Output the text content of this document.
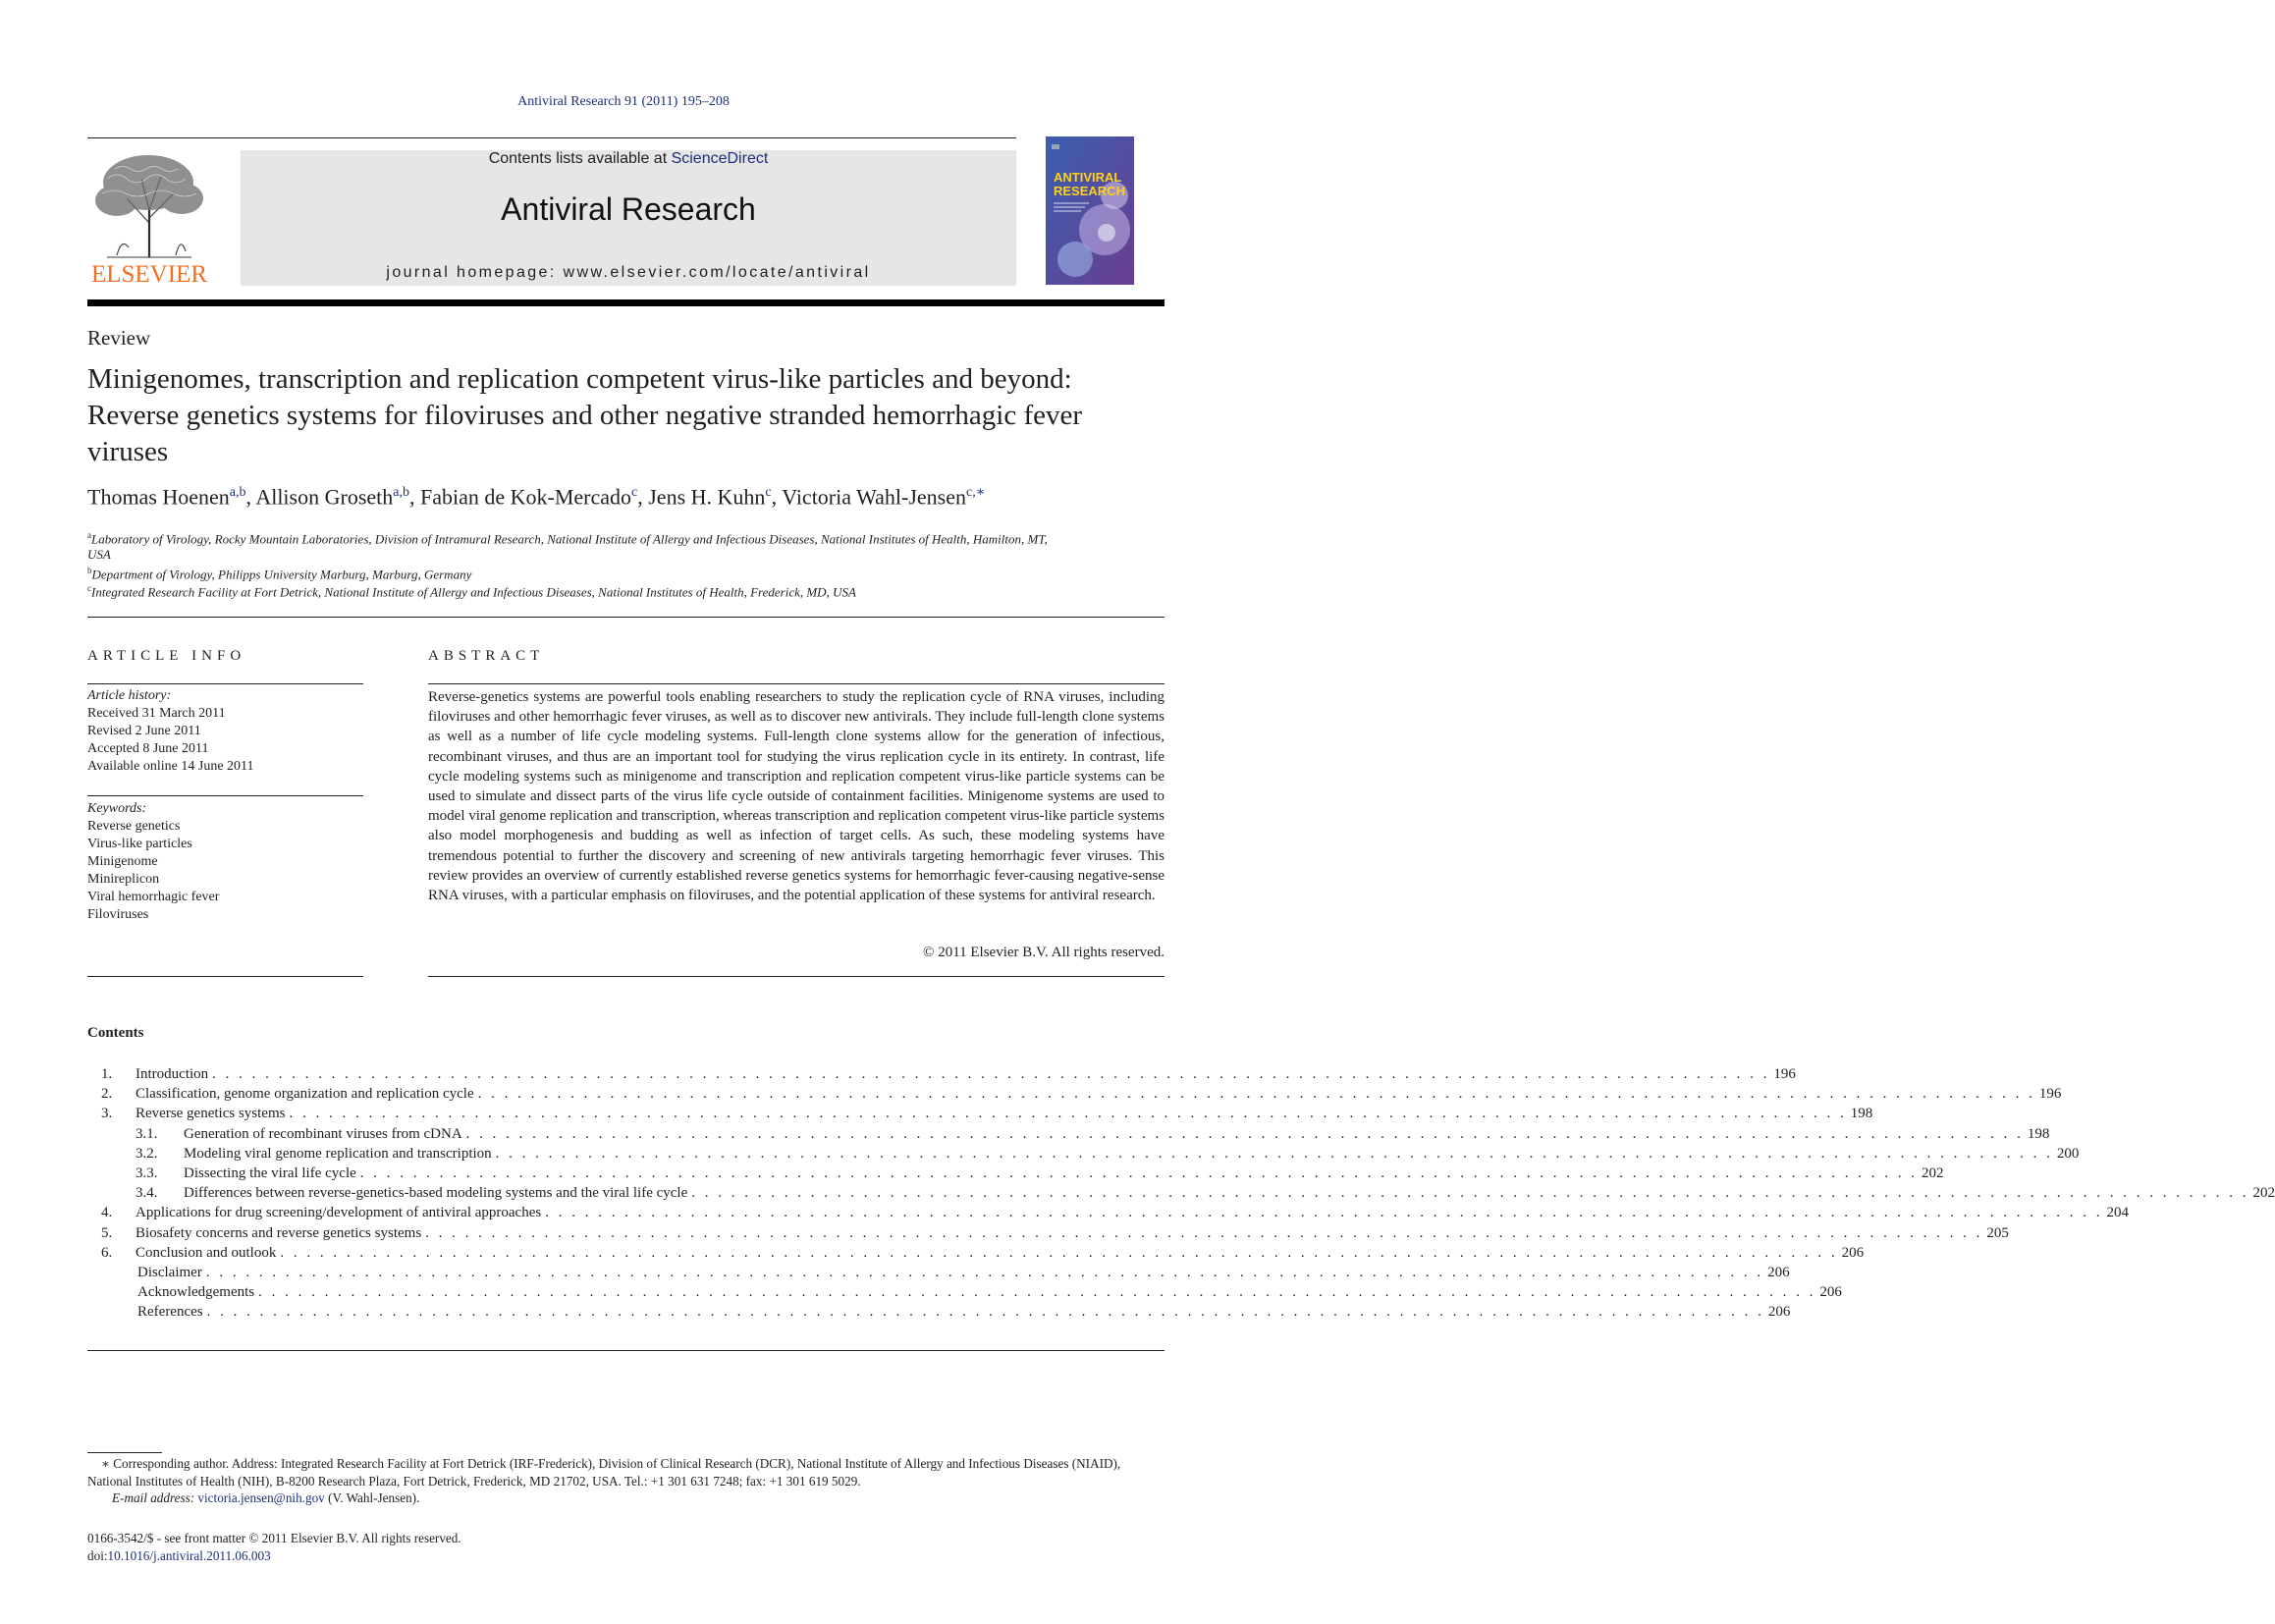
Antiviral Research 91 (2011) 195–208
ELSEVIER
Contents lists available at ScienceDirect
Antiviral Research
journal homepage: www.elsevier.com/locate/antiviral
ANTIVIRAL
RESEARCH
Review
Minigenomes, transcription and replication competent virus-like particles and beyond: Reverse genetics systems for filoviruses and other negative stranded hemorrhagic fever viruses
Thomas Hoenen$^{a,b}$, Allison Groseth$^{a,b}$, Fabian de Kok-Mercado$^c$, Jens H. Kuhn$^c$, Victoria Wahl-Jensen$^{c,∗}$
$^a$Laboratory of Virology, Rocky Mountain Laboratories, Division of Intramural Research, National Institute of Allergy and Infectious Diseases, National Institutes of Health, Hamilton, MT, USA
$^b$Department of Virology, Philipps University Marburg, Marburg, Germany
$^c$Integrated Research Facility at Fort Detrick, National Institute of Allergy and Infectious Diseases, National Institutes of Health, Frederick, MD, USA
ARTICLE INFO
Article history:
Received 31 March 2011
Revised 2 June 2011
Accepted 8 June 2011
Available online 14 June 2011
Keywords:
Reverse genetics
Virus-like particles
Minigenome
Minireplicon
Viral hemorrhagic fever
Filoviruses
ABSTRACT
Reverse-genetics systems are powerful tools enabling researchers to study the replication cycle of RNA viruses, including filoviruses and other hemorrhagic fever viruses, as well as to discover new antivirals. They include full-length clone systems as well as a number of life cycle modeling systems. Full-length clone systems allow for the generation of infectious, recombinant viruses, and thus are an important tool for studying the virus replication cycle in its entirety. In contrast, life cycle modeling systems such as minigenome and transcription and replication competent virus-like particle systems can be used to simulate and dissect parts of the virus life cycle outside of containment facilities. Minigenome systems are used to model viral genome replication and transcription, whereas transcription and replication competent virus-like particle systems also model morphogenesis and budding as well as infection of target cells. As such, these modeling systems have tremendous potential to further the discovery and screening of new antivirals targeting hemorrhagic fever viruses. This review provides an overview of currently established reverse genetics systems for hemorrhagic fever-causing negative-sense RNA viruses, with a particular emphasis on filoviruses, and the potential application of these systems for antiviral research.
© 2011 Elsevier B.V. All rights reserved.
Contents
1. Introduction . . . . . . . . . . . . . . . . . . . . . . . . . . . . . . . . . . . . . . . . . . . . . . . . . . . . . . . . . . . . . . . . . . . . . . . . . . . . . . . . . . . . . . . . . . . . . . . . . . . . . . . . . . . . . . . . . . . . . . 196
2. Classification, genome organization and replication cycle . . . . . . . . . . . . . . . . . . . . . . . . . . . . . . . . . . . . . . . . . . . . . . . . . . . . . . . . . . . . . . . . . . . . . . . . . . . . . . . . . . . . . . . . . . . . . . . . . . . . . . . . . . . . . . . . . . . . . . 196
3. Reverse genetics systems . . . . . . . . . . . . . . . . . . . . . . . . . . . . . . . . . . . . . . . . . . . . . . . . . . . . . . . . . . . . . . . . . . . . . . . . . . . . . . . . . . . . . . . . . . . . . . . . . . . . . . . . . . . . . . . . . . . . . . 198
3.1. Generation of recombinant viruses from cDNA . . . . . . . . . . . . . . . . . . . . . . . . . . . . . . . . . . . . . . . . . . . . . . . . . . . . . . . . . . . . . . . . . . . . . . . . . . . . . . . . . . . . . . . . . . . . . . . . . . . . . . . . . . . . . . . . . . . . . . 198
3.2. Modeling viral genome replication and transcription . . . . . . . . . . . . . . . . . . . . . . . . . . . . . . . . . . . . . . . . . . . . . . . . . . . . . . . . . . . . . . . . . . . . . . . . . . . . . . . . . . . . . . . . . . . . . . . . . . . . . . . . . . . . . . . . . . . . . . 200
3.3. Dissecting the viral life cycle . . . . . . . . . . . . . . . . . . . . . . . . . . . . . . . . . . . . . . . . . . . . . . . . . . . . . . . . . . . . . . . . . . . . . . . . . . . . . . . . . . . . . . . . . . . . . . . . . . . . . . . . . . . . . . . . . . . . . . 202
3.4. Differences between reverse-genetics-based modeling systems and the viral life cycle . . . . . . . . . . . . . . . . . . . . . . . . . . . . . . . . . . . . . . . . . . . . . . . . . . . . . . . . . . . . . . . . . . . . . . . . . . . . . . . . . . . . . . . . . . . . . . . . . . . . . . . . . . . . . . . . . . . . . . 202
4. Applications for drug screening/development of antiviral approaches . . . . . . . . . . . . . . . . . . . . . . . . . . . . . . . . . . . . . . . . . . . . . . . . . . . . . . . . . . . . . . . . . . . . . . . . . . . . . . . . . . . . . . . . . . . . . . . . . . . . . . . . . . . . . . . . . . . . . . 204
5. Biosafety concerns and reverse genetics systems . . . . . . . . . . . . . . . . . . . . . . . . . . . . . . . . . . . . . . . . . . . . . . . . . . . . . . . . . . . . . . . . . . . . . . . . . . . . . . . . . . . . . . . . . . . . . . . . . . . . . . . . . . . . . . . . . . . . . . 205
6. Conclusion and outlook . . . . . . . . . . . . . . . . . . . . . . . . . . . . . . . . . . . . . . . . . . . . . . . . . . . . . . . . . . . . . . . . . . . . . . . . . . . . . . . . . . . . . . . . . . . . . . . . . . . . . . . . . . . . . . . . . . . . . . 206
Disclaimer . . . . . . . . . . . . . . . . . . . . . . . . . . . . . . . . . . . . . . . . . . . . . . . . . . . . . . . . . . . . . . . . . . . . . . . . . . . . . . . . . . . . . . . . . . . . . . . . . . . . . . . . . . . . . . . . . . . . . . 206
Acknowledgements . . . . . . . . . . . . . . . . . . . . . . . . . . . . . . . . . . . . . . . . . . . . . . . . . . . . . . . . . . . . . . . . . . . . . . . . . . . . . . . . . . . . . . . . . . . . . . . . . . . . . . . . . . . . . . . . . . . . . . 206
References . . . . . . . . . . . . . . . . . . . . . . . . . . . . . . . . . . . . . . . . . . . . . . . . . . . . . . . . . . . . . . . . . . . . . . . . . . . . . . . . . . . . . . . . . . . . . . . . . . . . . . . . . . . . . . . . . . . . . . 206
∗ Corresponding author. Address: Integrated Research Facility at Fort Detrick (IRF-Frederick), Division of Clinical Research (DCR), National Institute of Allergy and Infectious Diseases (NIAID), National Institutes of Health (NIH), B-8200 Research Plaza, Fort Detrick, Frederick, MD 21702, USA. Tel.: +1 301 631 7248; fax: +1 301 619 5029.
E-mail address: victoria.jensen@nih.gov (V. Wahl-Jensen).
0166-3542/$ - see front matter © 2011 Elsevier B.V. All rights reserved.
doi:10.1016/j.antiviral.2011.06.003
